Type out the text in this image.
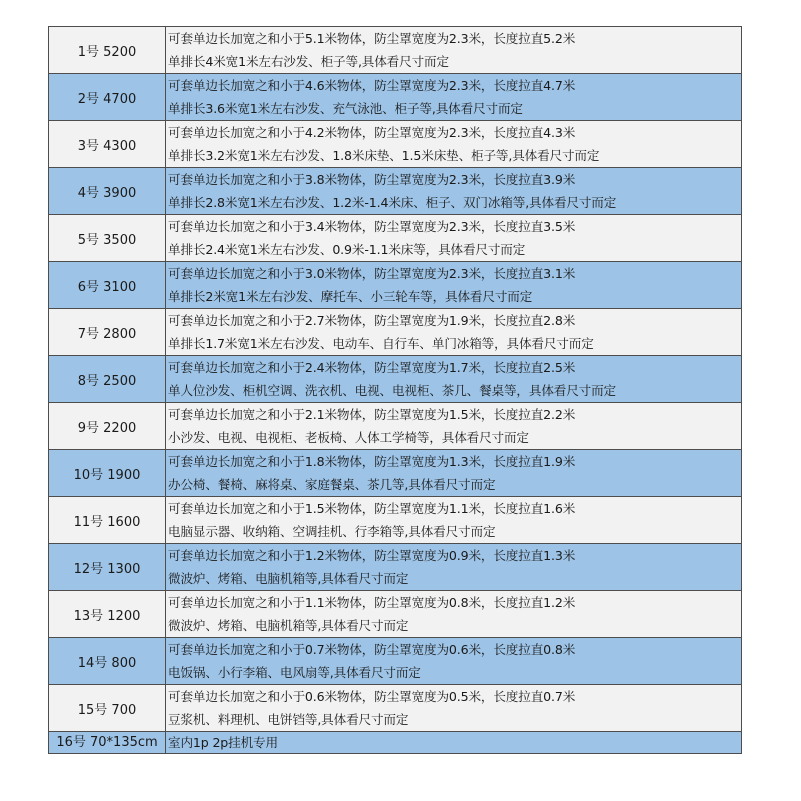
1号 5200	可套单边长加宽之和小于5.1米物体，防尘罩宽度为2.3米，长度拉直5.2米
单排长4米宽1米左右沙发、柜子等,具体看尺寸而定

2号 4700	可套单边长加宽之和小于4.6米物体，防尘罩宽度为2.3米，长度拉直4.7米
单排长3.6米宽1米左右沙发、充气泳池、柜子等,具体看尺寸而定

3号 4300	可套单边长加宽之和小于4.2米物体，防尘罩宽度为2.3米，长度拉直4.3米
单排长3.2米宽1米左右沙发、1.8米床垫、1.5米床垫、柜子等,具体看尺寸而定

4号 3900	可套单边长加宽之和小于3.8米物体，防尘罩宽度为2.3米，长度拉直3.9米
单排长2.8米宽1米左右沙发、1.2米-1.4米床、柜子、双门冰箱等,具体看尺寸而定

5号 3500	可套单边长加宽之和小于3.4米物体，防尘罩宽度为2.3米，长度拉直3.5米
单排长2.4米宽1米左右沙发、0.9米-1.1米床等，具体看尺寸而定

6号 3100	可套单边长加宽之和小于3.0米物体，防尘罩宽度为2.3米，长度拉直3.1米
单排长2米宽1米左右沙发、摩托车、小三轮车等，具体看尺寸而定

7号 2800	可套单边长加宽之和小于2.7米物体，防尘罩宽度为1.9米，长度拉直2.8米
单排长1.7米宽1米左右沙发、电动车、自行车、单门冰箱等，具体看尺寸而定

8号 2500	可套单边长加宽之和小于2.4米物体，防尘罩宽度为1.7米，长度拉直2.5米
单人位沙发、柜机空调、洗衣机、电视、电视柜、茶几、餐桌等，具体看尺寸而定

9号 2200	可套单边长加宽之和小于2.1米物体，防尘罩宽度为1.5米，长度拉直2.2米
小沙发、电视、电视柜、老板椅、人体工学椅等，具体看尺寸而定

10号 1900	可套单边长加宽之和小于1.8米物体，防尘罩宽度为1.3米，长度拉直1.9米
办公椅、餐椅、麻将桌、家庭餐桌、茶几等,具体看尺寸而定

11号 1600	可套单边长加宽之和小于1.5米物体，防尘罩宽度为1.1米，长度拉直1.6米
电脑显示器、收纳箱、空调挂机、行李箱等,具体看尺寸而定

12号 1300	可套单边长加宽之和小于1.2米物体，防尘罩宽度为0.9米，长度拉直1.3米
微波炉、烤箱、电脑机箱等,具体看尺寸而定

13号 1200	可套单边长加宽之和小于1.1米物体，防尘罩宽度为0.8米，长度拉直1.2米
微波炉、烤箱、电脑机箱等,具体看尺寸而定

14号 800	可套单边长加宽之和小于0.7米物体，防尘罩宽度为0.6米，长度拉直0.8米
电饭锅、小行李箱、电风扇等,具体看尺寸而定

15号 700	可套单边长加宽之和小于0.6米物体，防尘罩宽度为0.5米，长度拉直0.7米
豆浆机、料理机、电饼铛等,具体看尺寸而定

16号 70*135cm	室内1p 2p挂机专用
